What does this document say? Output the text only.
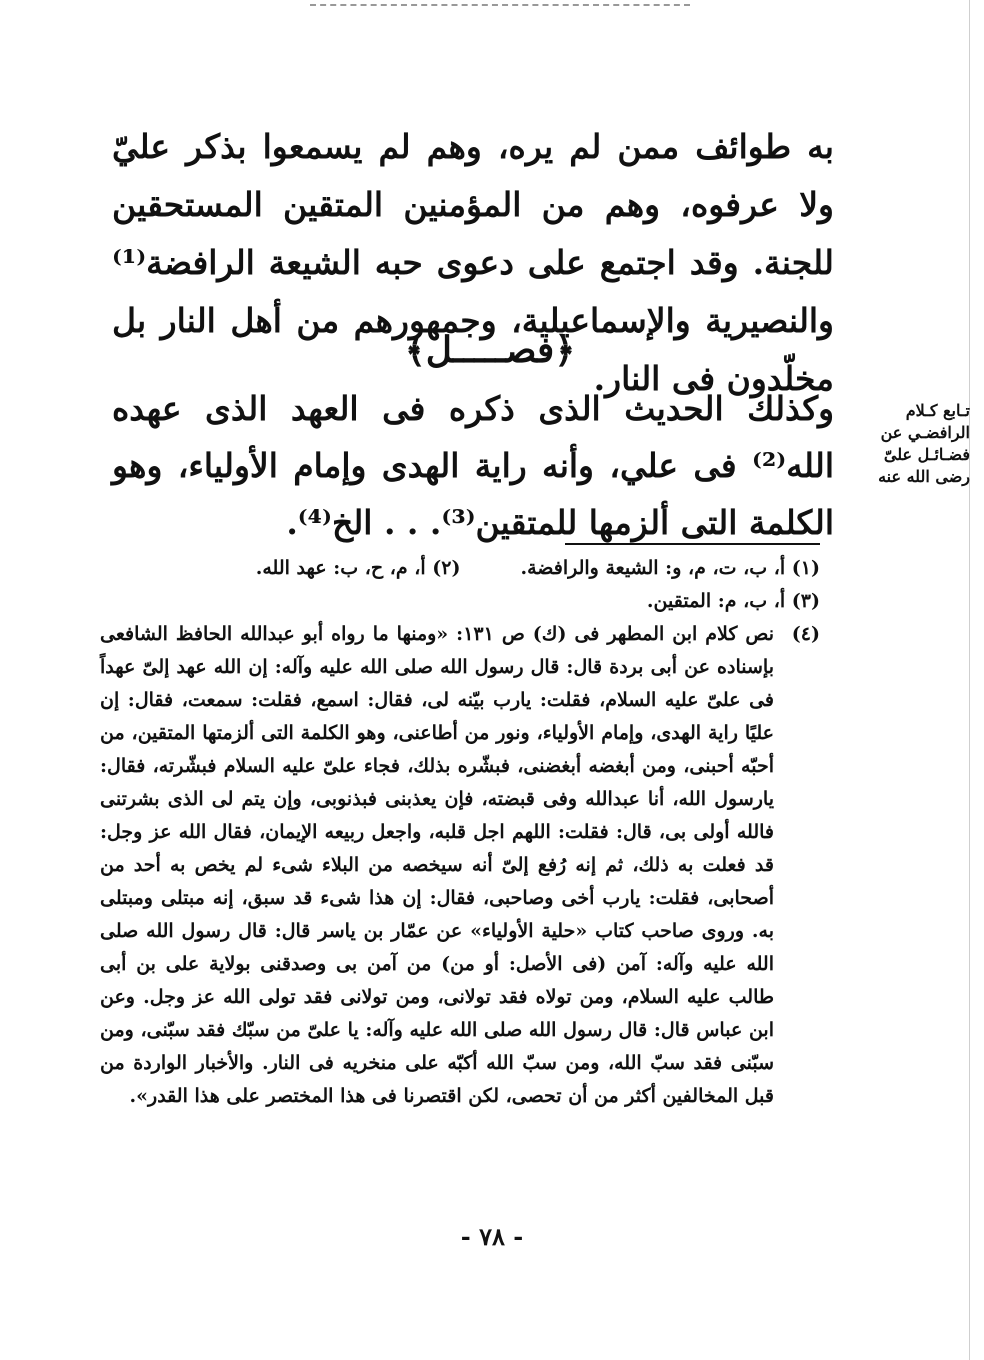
به طوائف ممن لم يره، وهم لم يسمعوا بذكر عليّ ولا عرفوه، وهم من المؤمنين المتقين المستحقين للجنة. وقد اجتمع على دعوى حبه الشيعة الرافضة⁽¹⁾ والنصيرية والإسماعيلية، وجمهورهم من أهل النار بل مخلّدون فى النار.

﴿فصـــــل﴾

وكذلك الحديث الذى ذكره فى العهد الذى عهده الله⁽²⁾ فى علي، وأنه راية الهدى وإمام الأولياء، وهو الكلمة التى ألزمها للمتقين⁽³⁾. . . الخ⁽⁴⁾.

تـابع كـلام الرافضـي عن فضـائـل علىّ رضى الله عنه
(١) أ، ب، ت، م، و: الشيعة والرافضة.
(٢) أ، م، ح، ب: عهد الله.
(٣) أ، ب، م: المتقين.
(٤)
نص كلام ابن المطهر فى (ك) ص ١٣١: «ومنها ما رواه أبو عبدالله الحافظ الشافعى بإسناده عن أبى بردة قال: قال رسول الله صلى الله عليه وآله: إن الله عهد إلىّ عهداً فى علىّ عليه السلام، فقلت: يارب بيّنه لى، فقال: اسمع، فقلت: سمعت، فقال: إن عليًا راية الهدى، وإمام الأولياء، ونور من أطاعنى، وهو الكلمة التى ألزمتها المتقين، من أحبّه أحبنى، ومن أبغضه أبغضنى، فبشّره بذلك، فجاء علىّ عليه السلام فبشّرته، فقال: يارسول الله، أنا عبدالله وفى قبضته، فإن يعذبنى فبذنوبى، وإن يتم لى الذى بشرتنى فالله أولى بى، قال: فقلت: اللهم اجل قلبه، واجعل ربيعه الإيمان، فقال الله عز وجل: قد فعلت به ذلك، ثم إنه رُفع إلىّ أنه سيخصه من البلاء شىء لم يخص به أحد من أصحابى، فقلت: يارب أخى وصاحبى، فقال: إن هذا شىء قد سبق، إنه مبتلى ومبتلى به. وروى صاحب كتاب «حلية الأولياء» عن عمّار بن ياسر قال: قال رسول الله صلى الله عليه وآله: آمن (فى الأصل: أو من) من آمن بى وصدقنى بولاية على بن أبى طالب عليه السلام، ومن تولاه فقد تولانى، ومن تولانى فقد تولى الله عز وجل. وعن ابن عباس قال: قال رسول الله صلى الله عليه وآله: يا علىّ من سبّك فقد سبّنى، ومن سبّنى فقد سبّ الله، ومن سبّ الله أكبّه على منخريه فى النار. والأخبار الواردة من قبل المخالفين أكثر من أن تحصى، لكن اقتصرنا فى هذا المختصر على هذا القدر».
- ٧٨ -
